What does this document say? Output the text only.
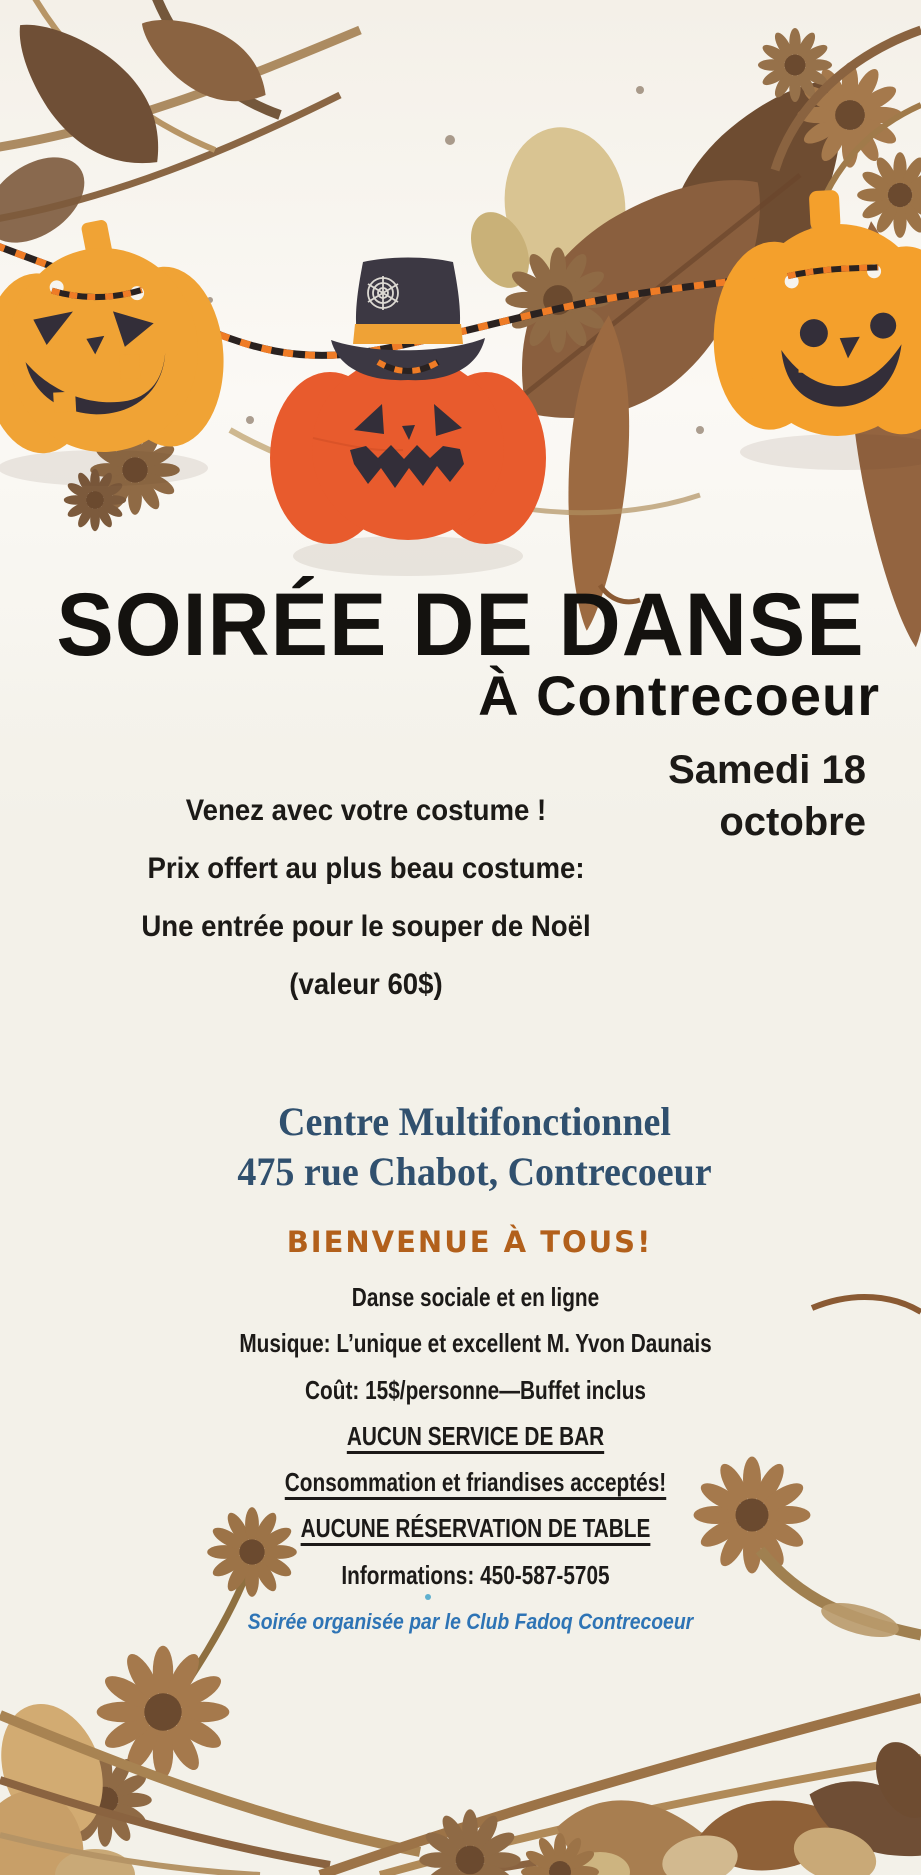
SOIRÉE DE DANSE
À Contrecoeur
Samedi 18
octobre
Venez avec votre costume !
Prix offert au plus beau costume:
Une entrée pour le souper de Noël
(valeur 60$)
Centre Multifonctionnel
475 rue Chabot, Contrecoeur
BIENVENUE À TOUS!
Danse sociale et en ligne
Musique: L’unique et excellent M. Yvon Daunais
Coût: 15$/personne—Buffet inclus
AUCUN SERVICE DE BAR
Consommation et friandises acceptés!
AUCUNE RÉSERVATION DE TABLE
Informations: 450-587-5705
Soirée organisée par le Club Fadoq Contrecoeur
